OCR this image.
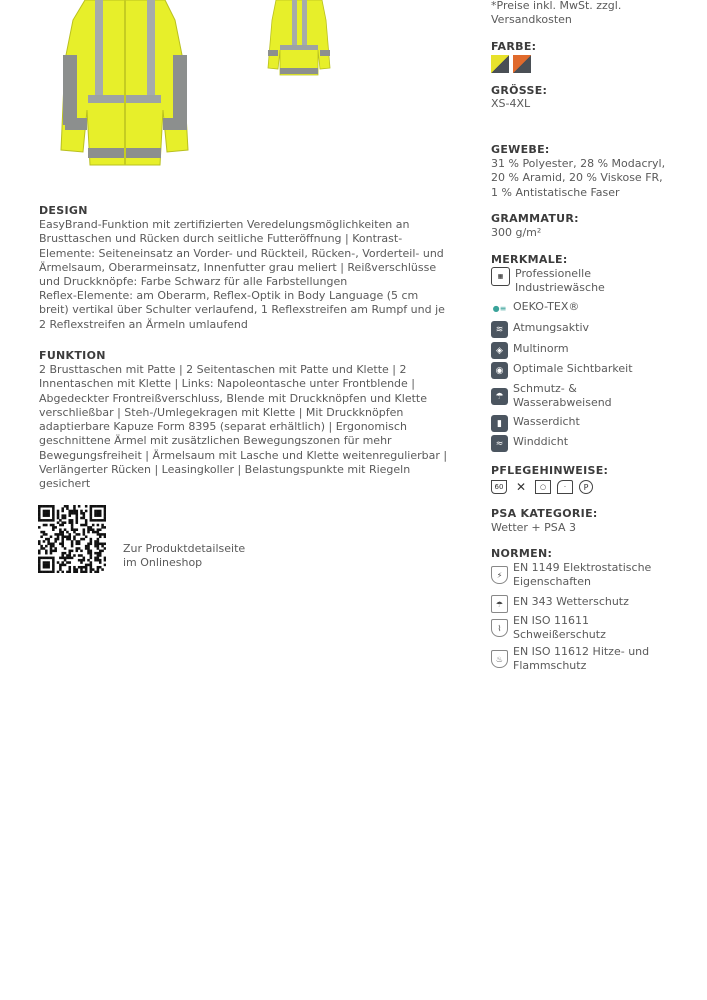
*Preise inkl. MwSt. zzgl. Versandkosten
FARBE:
GRÖSSE:
XS-4XL
GEWEBE:
31 % Polyester, 28 % Modacryl, 20 % Aramid, 20 % Viskose FR, 1 % Antistatische Faser
GRAMMATUR:
300 g/m²
MERKMALE:
▦	Professionelle Industriewäsche
●≡ OEKO-TEX®
≋ Atmungsaktiv
◈ Multinorm
◉ Optimale Sichtbarkeit
☂
Schmutz- & Wasserabweisend
▮	Wasserdicht
≈ Winddicht
PFLEGEHINWEISE:
60 ✕	○	·	P
PSA KATEGORIE:
Wetter + PSA 3
NORMEN:
⚡
EN 1149 Elektrostatische Eigenschaften
☂ EN 343 Wetterschutz
⌇
EN ISO 11611 Schweißerschutz
♨
EN ISO 11612 Hitze- und Flammschutz
DESIGN
EasyBrand-Funktion mit zertifizierten Veredelungsmöglichkeiten an Brusttaschen und Rücken durch seitliche Futteröffnung | Kontrast-Elemente: Seiteneinsatz an Vorder- und Rückteil, Rücken-, Vorderteil- und Ärmelsaum, Oberarmeinsatz, Innenfutter grau meliert | Reißverschlüsse und Druckknöpfe: Farbe Schwarz für alle Farbstellungen
Reflex-Elemente: am Oberarm, Reflex-Optik in Body Language (5 cm breit) vertikal über Schulter verlaufend, 1 Reflexstreifen am Rumpf und je 2 Reflexstreifen an Ärmeln umlaufend
FUNKTION
2 Brusttaschen mit Patte | 2 Seitentaschen mit Patte und Klette | 2 Innentaschen mit Klette | Links: Napoleontasche unter Frontblende | Abgedeckter Frontreißverschluss, Blende mit Druckknöpfen und Klette verschließbar | Steh-/Umlegekragen mit Klette | Mit Druckknöpfen adaptierbare Kapuze Form 8395 (separat erhältlich) | Ergonomisch geschnittene Ärmel mit zusätzlichen Bewegungszonen für mehr Bewegungsfreiheit | Ärmelsaum mit Lasche und Klette weitenregulierbar | Verlängerter Rücken | Leasingkoller | Belastungspunkte mit Riegeln gesichert
Zur Produktdetailseite im Onlineshop
